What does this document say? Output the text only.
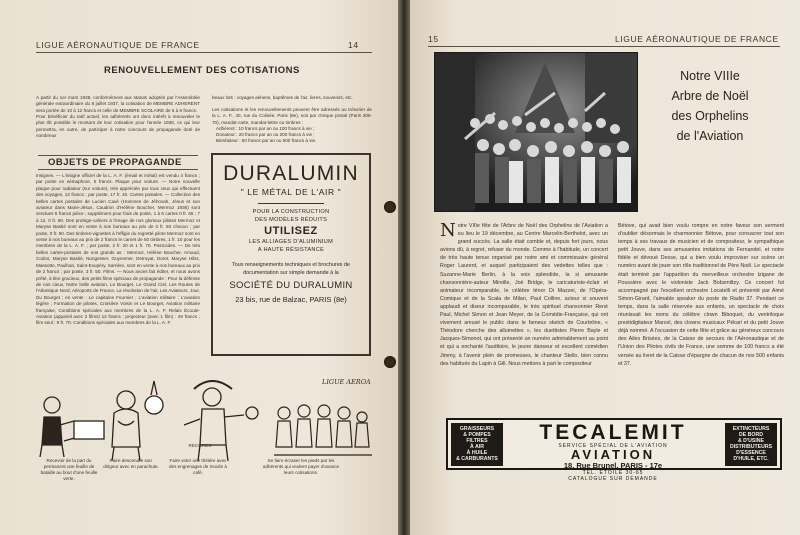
LIGUE AÉRONAUTIQUE DE FRANCE	14
RENOUVELLEMENT DES COTISATIONS
A partir du 1er mars 1938, conformément aux statuts adoptés par l'Assemblée générale extraordinaire du 8 juillet 1937, la cotisation de MEMBRE ADHERENT sera portée de 10 à 12 francs et celle de MEMBRE SCOLAIRE de 5 à 6 francs.
Pour bénéficier du tarif actuel, les adhérents ont donc intérêt à renouveler le plus tôt possible le montant de leur cotisation pour l'année 1938, ce qui leur permettra, en outre, de participer à notre concours de propagande doté de nombreux
beaux lots : voyages aériens, baptêmes de l'air, livres, souvenirs, etc.
Les cotisations et les renouvellements peuvent être adressés au trésorier de la L. A. F., 40, rue du Colisée, Paris (8e), soit par chèque postal (Paris 306-70), mandat-carte, mandat-lettre ou timbres :
Adhérent : 10 francs par an ou 100 francs à vie ;
Donateur : 20 francs par an ou 200 francs à vie ;
Bienfaiteur : 50 francs par an ou 500 francs à vie.
OBJETS DE PROPAGANDE
Insignes. — L'insigne officiel de la L. A. F. (émail et métal) est vendu 4 francs ; par poste en sémaphore, 5 francs. Plaque pour voiture. — Notre nouvelle plaque pour radiateur (sur voiture), très appréciée par tous ceux qui effectuent des voyages, 13 francs ; par poste, 17 fr. 40. Cartes postales. — Collection des belles cartes postales de Lucien Cavé (Hommes de Jéhovah, Jésus et son aviateur dans Marie-Jésus, Caudron d'Hélène Boucher, Mermoz 1936) sont vendues 5 francs pièce ; supplément pour frais de poste, 1 à 6 cartes 0 fr. 65 ; 7 à 12, 0 fr. 90. Des protège-cahiers à l'image de nos glorieux pilotes Mermoz et Maryse Bastié sont en vente à nos bureaux au prix de 0 fr. 60 chacun ; par poste, 0 fr. 90. Des timbres-vignettes à l'effigie du regretté pilote Mermoz sont en vente à nos bureaux au prix de 2 francs le carnet de 50 timbres, 1 fr. 10 pour les membres de la L. A. F. ; par poste, 2 fr. 20 et 1 fr. 70. Postcodes. — De très belles cartes-postales de nos grands as : Mermoz, Hélène Boucher, Arnaud, Codos, Maryse Bastié, Nungesser, Guynemer, Detroyat, Doret, Maryse Hilsz, Massotte, Paulhan, Saint-Exupéry, Sarrière, sont en vente à nos bureaux au prix de 2 francs ; par poste, 3 fr. 50. Films. — Nous avons fait éditer, et nous avons prêté, à titre gracieux, des petits films spéciaux de propagande : Pour la défense de nos cieux, Notre belle aviation, Le Bourget, Le Grand Ciel, Les Routes de l'Atlantique Nord, Aéroports de France, La révolution de l'air, Les Aviateurs, Jour, Du Bourget ; en vente : Le capitaine Fournier ; L'aviation militaire ; L'aviation légère ; Formation de pilotes, Croisière Voisin et Le Bourget, Aviation militaire française, Conditions spéciales aux membres de la L. A. F. Relais Écoute-Aviation (appareil avec 2 films) 12 francs ; projecteur (avec 1 film) : 49 francs ; film seul : 9 fr. 70. Conditions spéciales aux membres de la L. A. F.
DURALUMIN
" LE MÉTAL DE L'AIR "
POUR LA CONSTRUCTION
DES MODÈLES RÉDUITS
UTILISEZ
LES ALLIAGES D'ALUMINIUM
A HAUTE RÉSISTANCE
Tous renseignements techniques et brochures de documentation sur simple demande à la
SOCIÉTÉ DU DURALUMIN
23 bis, rue de Balzac, PARIS (8e)
LIGUE AEROA
RECORDS
Recevoir de la part du permanent une feuille de bataille au bout d'une feuille verte.
Faire descendre son dirigeur avec en parachute.
Faire voler une théière avec des engrenages de moulin à café.
Se faire écraser les pieds par les adhérents qui veulent payer d'avance leurs cotisations.
15	LIGUE AÉRONAUTIQUE DE FRANCE
Notre VIIIe
Arbre de Noël
des Orphelins
de l'Aviation
Notre VIIIe fête de l'Arbre de Noël des Orphelins de l'Aviation a eu lieu le 19 décembre, au Centre Marcelin-Berthelot, avec un grand succès. La salle était comble et, depuis fort jours, nous avions dû, à regret, refuser du monde. Comme à l'habitude, un concert de très haute tenue organisé par notre ami et commissaire général Roger Laurent, et auquel participaient des vedettes telles que : Suzanne-Marie Berlin, à la voix splendide, la si amusante chansonnière-auteur Mireille, Joë Bridge, le caricaturiste-éclair et animateur incomparable, le célèbre ténor Di Mazzei, de l'Opéra-Comique et de la Scala de Milan, Paul Colline, acteur si souvent applaudi et diseur incomparable, le très spirituel chansonnier René Paul, Michel Simon et Jean Meyer, de la Comédie-Française, qui ont vivement amusé le public dans le fameux sketch de Courteline, « Théodore cherche des allumettes », les duettistes Pierre Bayle et Jacques-Simonot, qui ont présenté un numéro admirablement au point et qui a enchanté l'auditoire, le jeune danseur et excellent comédien Jimmy, à l'avenir plein de promesses, le chanteur Stello, bien connu des habitués du Lapin à Gill. Nous mettons à part le compositeur
Bétove, qui avait bien voulu rompre en notre faveur son serment d'oublier désormais le charmonnier Bétove, pour consacrer tout son temps à ses travaux de musicien et de compositeur, le sympathique petit Jouve, dans ses amusantes imitations de Fernandel, et notre fidèle et dévoué Desse, qui a bien voulu improviser sur scène un numéro avant de jouer son rôle traditionnel de Père Noël. Le spectacle était terminé par l'apparition du merveilleux orchestre tzigane de Poussière avec le violoniste Jack Bobsmiltzy. Ce concert fut accompagné par l'excellent orchestre Locatelli et présenté par Aimé Simon-Girard, l'aimable speaker du poste de Radio 37. Pendant ce temps, dans la salle réservée aux enfants, un spectacle de choix réunissait les noms du célèbre clown Biboquet, du ventriloque prestidigitateur Marcel, des clowns musicaux Pékari et du petit Jouve déjà nommé. A l'occasion de cette fête et grâce au généreux concours des Ailes Brisées, de la Caisse de secours de l'Aéronautique et de l'Union des Pilotes civils de France, une somme de 100 francs a été versée au livret de la Caisse d'épargne de chacun de nos 500 enfants et 37.
GRAISSEURS
& POMPES
FILTRES
À AIR
À HUILE
& CARBURANTS
TECALEMIT
SERVICE SPÉCIAL DE L'AVIATION
AVIATION
18, Rue Brunel, PARIS - 17e
TÉL. ÉTOILE 30-65
CATALOGUE SUR DEMANDE
EXTINCTEURS
DE BORD
& D'USINE
DISTRIBUTEURS
D'ESSENCE
D'HUILE, ETC.
